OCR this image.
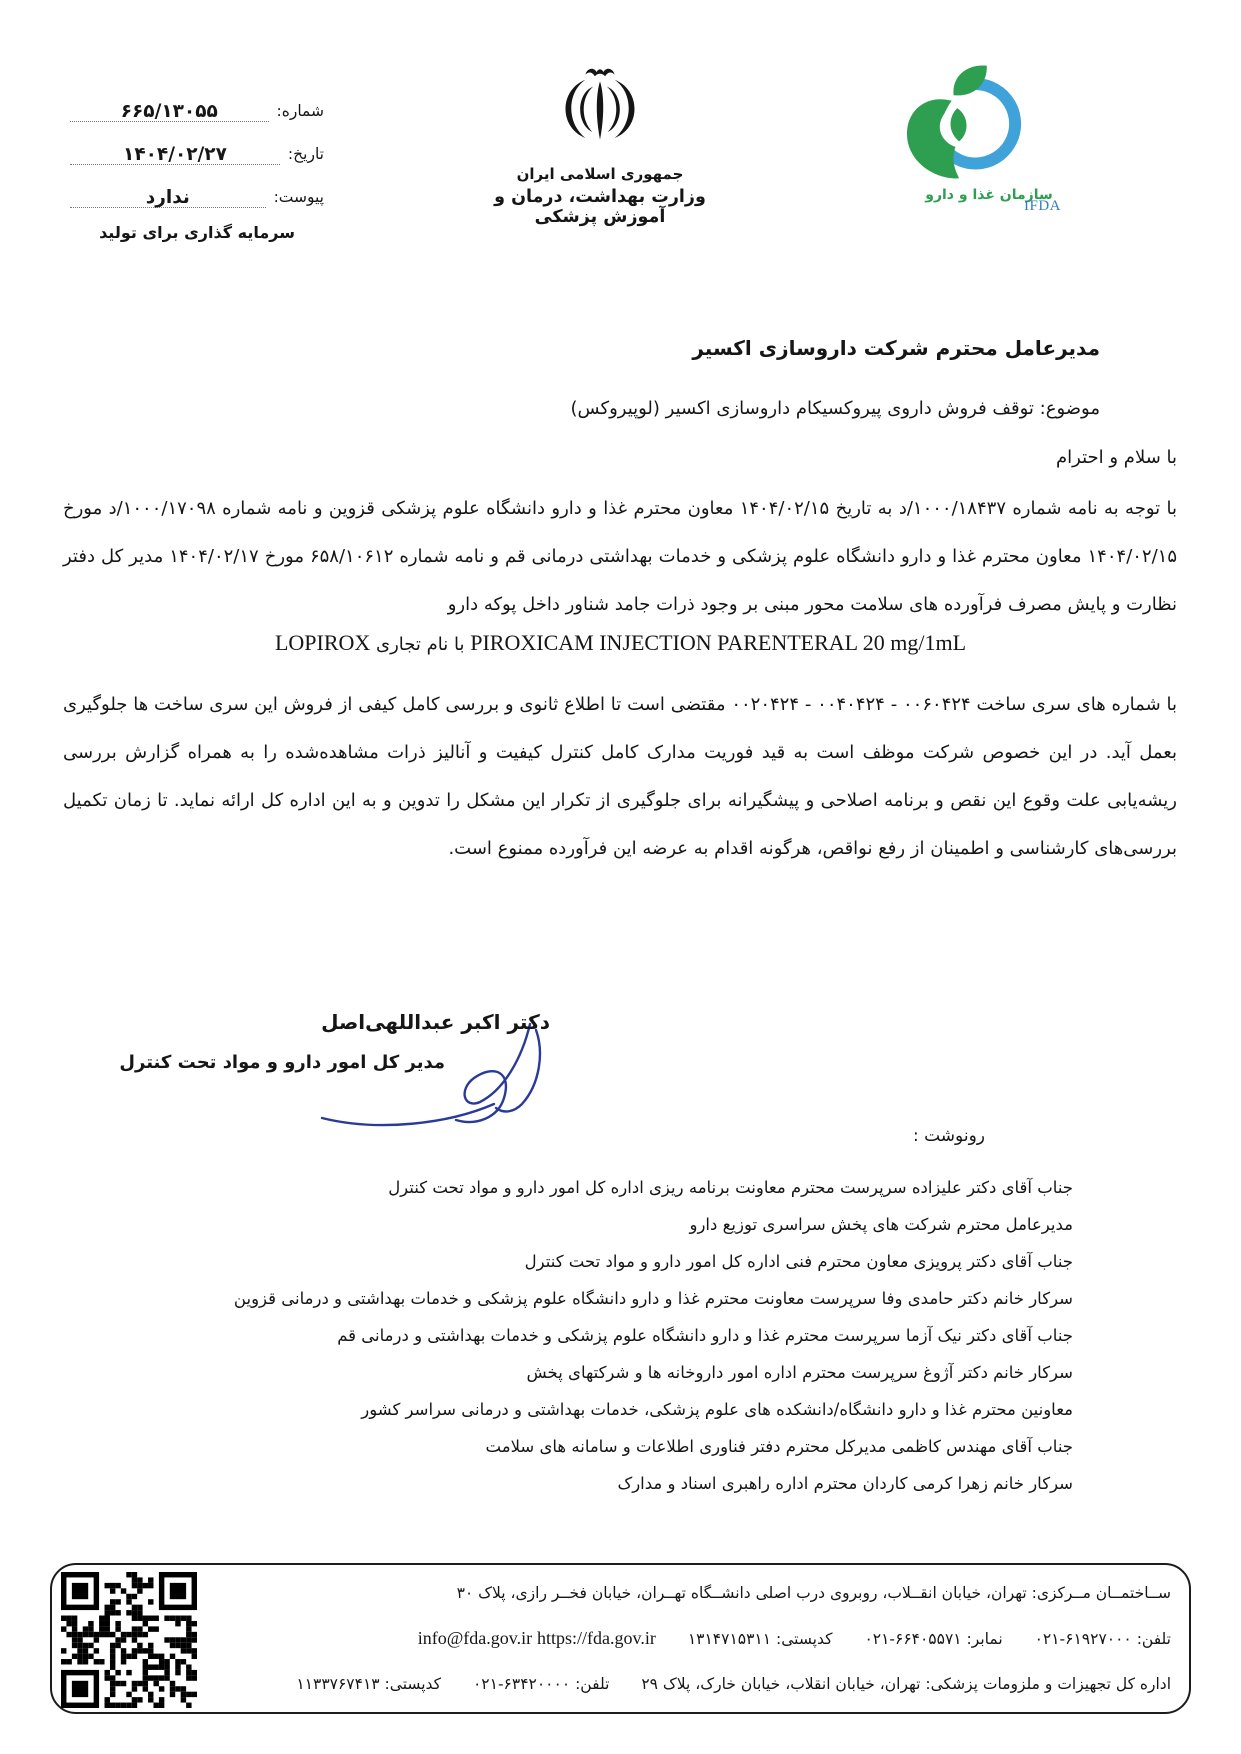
شماره:
۶۶۵/۱۳۰۵۵
تاریخ:
۱۴۰۴/۰۲/۲۷
پیوست:
ندارد
سرمایه گذاری برای تولید
جمهوری اسلامی ایران
وزارت بهداشت، درمان و آموزش پزشکی
سازمان غذا و دارو
IFDA
مدیرعامل محترم شرکت داروسازی اکسیر
موضوع: توقف فروش داروی پیروکسیکام داروسازی اکسیر (لوپیروکس)
با سلام و احترام
با توجه به نامه شماره ۱۰۰۰/۱۸۴۳۷/د به تاریخ ۱۴۰۴/۰۲/۱۵ معاون محترم غذا و دارو دانشگاه علوم پزشکی قزوین و نامه شماره ۱۰۰۰/۱۷۰۹۸/د مورخ ۱۴۰۴/۰۲/۱۵ معاون محترم غذا و دارو دانشگاه علوم پزشکی و خدمات بهداشتی درمانی قم و نامه شماره ۶۵۸/۱۰۶۱۲ مورخ ۱۴۰۴/۰۲/۱۷ مدیر کل دفتر نظارت و پایش مصرف فرآورده های سلامت محور مبنی بر وجود ذرات جامد شناور داخل پوکه دارو
PIROXICAM INJECTION PARENTERAL 20 mg/1mL با نام تجاری LOPIROX
با شماره های سری ساخت ۰۰۶۰۴۲۴ - ۰۰۴۰۴۲۴ - ۰۰۲۰۴۲۴ مقتضی است تا اطلاع ثانوی و بررسی کامل کیفی از فروش این سری ساخت ها جلوگیری بعمل آید. در این خصوص شرکت موظف است به قید فوریت مدارک کامل کنترل کیفیت و آنالیز ذرات مشاهده‌شده را به همراه گزارش بررسی ریشه‌یابی علت وقوع این نقص و برنامه اصلاحی و پیشگیرانه برای جلوگیری از تکرار این مشکل را تدوین و به این اداره کل ارائه نماید. تا زمان تکمیل بررسی‌های کارشناسی و اطمینان از رفع نواقص، هرگونه اقدام به عرضه این فرآورده ممنوع است.
دکتر اکبر عبداللهی‌اصل
مدیر کل امور دارو و مواد تحت کنترل
رونوشت :
جناب آقای دکتر علیزاده سرپرست محترم معاونت برنامه ریزی اداره کل امور دارو و مواد تحت کنترل
مدیرعامل محترم شرکت های پخش سراسری توزیع دارو
جناب آقای دکتر پرویزی معاون محترم فنی اداره کل امور دارو و مواد تحت کنترل
سرکار خانم دکتر حامدی وفا سرپرست معاونت محترم غذا و دارو دانشگاه علوم پزشکی و خدمات بهداشتی و درمانی قزوین
جناب آقای دکتر نیک آزما سرپرست محترم غذا و دارو دانشگاه علوم پزشکی و خدمات بهداشتی و درمانی قم
سرکار خانم دکتر آژوغ سرپرست محترم اداره امور داروخانه ها و شرکتهای پخش
معاونین محترم غذا و دارو دانشگاه/دانشکده های علوم پزشکی، خدمات بهداشتی و درمانی سراسر کشور
جناب آقای مهندس کاظمی مدیرکل محترم دفتر فناوری اطلاعات و سامانه های سلامت
سرکار خانم زهرا کرمی کاردان محترم اداره راهبری اسناد و مدارک
ســاختمــان مــرکزی: تهران، خیابان انقــلاب، روبروی درب اصلی دانشــگاه تهــران، خیابان فخــر رازی، پلاک ۳۰
تلفن: ۰۲۱-۶۱۹۲۷۰۰۰ نمابر: ۰۲۱-۶۶۴۰۵۵۷۱ کدپستی: ۱۳۱۴۷۱۵۳۱۱ info@fda.gov.ir https://fda.gov.ir
اداره کل تجهیزات و ملزومات پزشکی: تهران، خیابان انقلاب، خیابان خارک، پلاک ۲۹ تلفن: ۰۲۱-۶۳۴۲۰۰۰۰ کدپستی: ۱۱۳۳۷۶۷۴۱۳
